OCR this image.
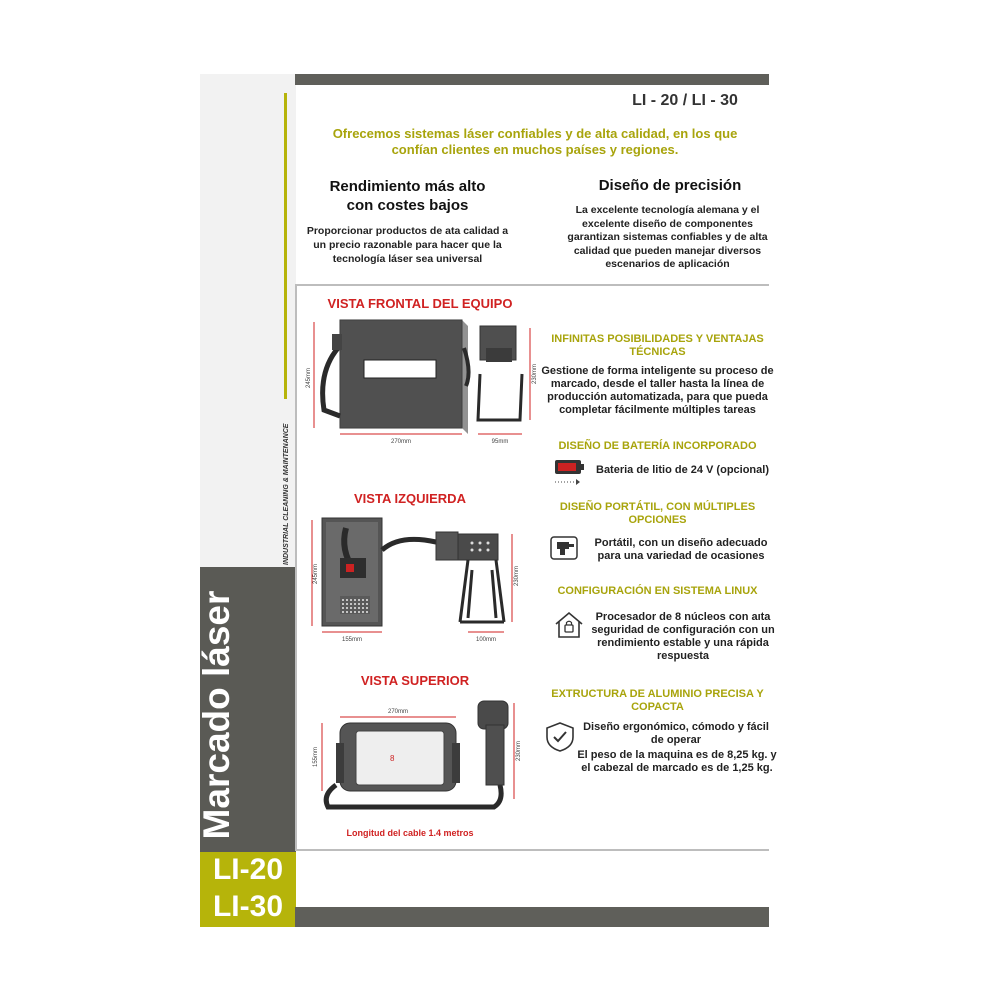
Marcado láser
INDUSTRIAL CLEANING & MAINTENANCE
LI-20
LI-30
LI - 20 / LI - 30
Ofrecemos sistemas láser confiables y de alta calidad, en los que confían clientes en muchos países y regiones.
Rendimiento más alto con costes bajos
Proporcionar productos de ata calidad a un precio razonable para hacer que la tecnología láser sea universal
Diseño de precisión
La excelente tecnología alemana y el excelente diseño de componentes garantizan sistemas confiables y de alta calidad que pueden manejar diversos escenarios de aplicación
VISTA FRONTAL DEL EQUIPO
VISTA IZQUIERDA
VISTA SUPERIOR
270mm
245mm
95mm
230mm
155mm
245mm
100mm
230mm
270mm
8
155mm	230mm
Longitud del cable 1.4 metros
INFINITAS POSIBILIDADES Y VENTAJAS TÉCNICAS
Gestione de forma inteligente su proceso de marcado, desde el taller hasta la línea de producción automatizada, para que pueda completar fácilmente múltiples tareas
DISEÑO DE BATERÍA INCORPORADO
Bateria de litio de 24 V (opcional)
DISEÑO PORTÁTIL, CON MÚLTIPLES OPCIONES
Portátil, con un diseño adecuado para una variedad de ocasiones
CONFIGURACIÓN EN SISTEMA LINUX
Procesador de 8 núcleos con aıta seguridad de configuración con un rendimiento estable y una rápida respuesta
EXTRUCTURA DE ALUMINIO PRECISA Y COPACTA
Diseño ergonómico, cómodo y fácil de operar
El peso de la maquina es de 8,25 kg. y el cabezal de marcado es de 1,25 kg.
